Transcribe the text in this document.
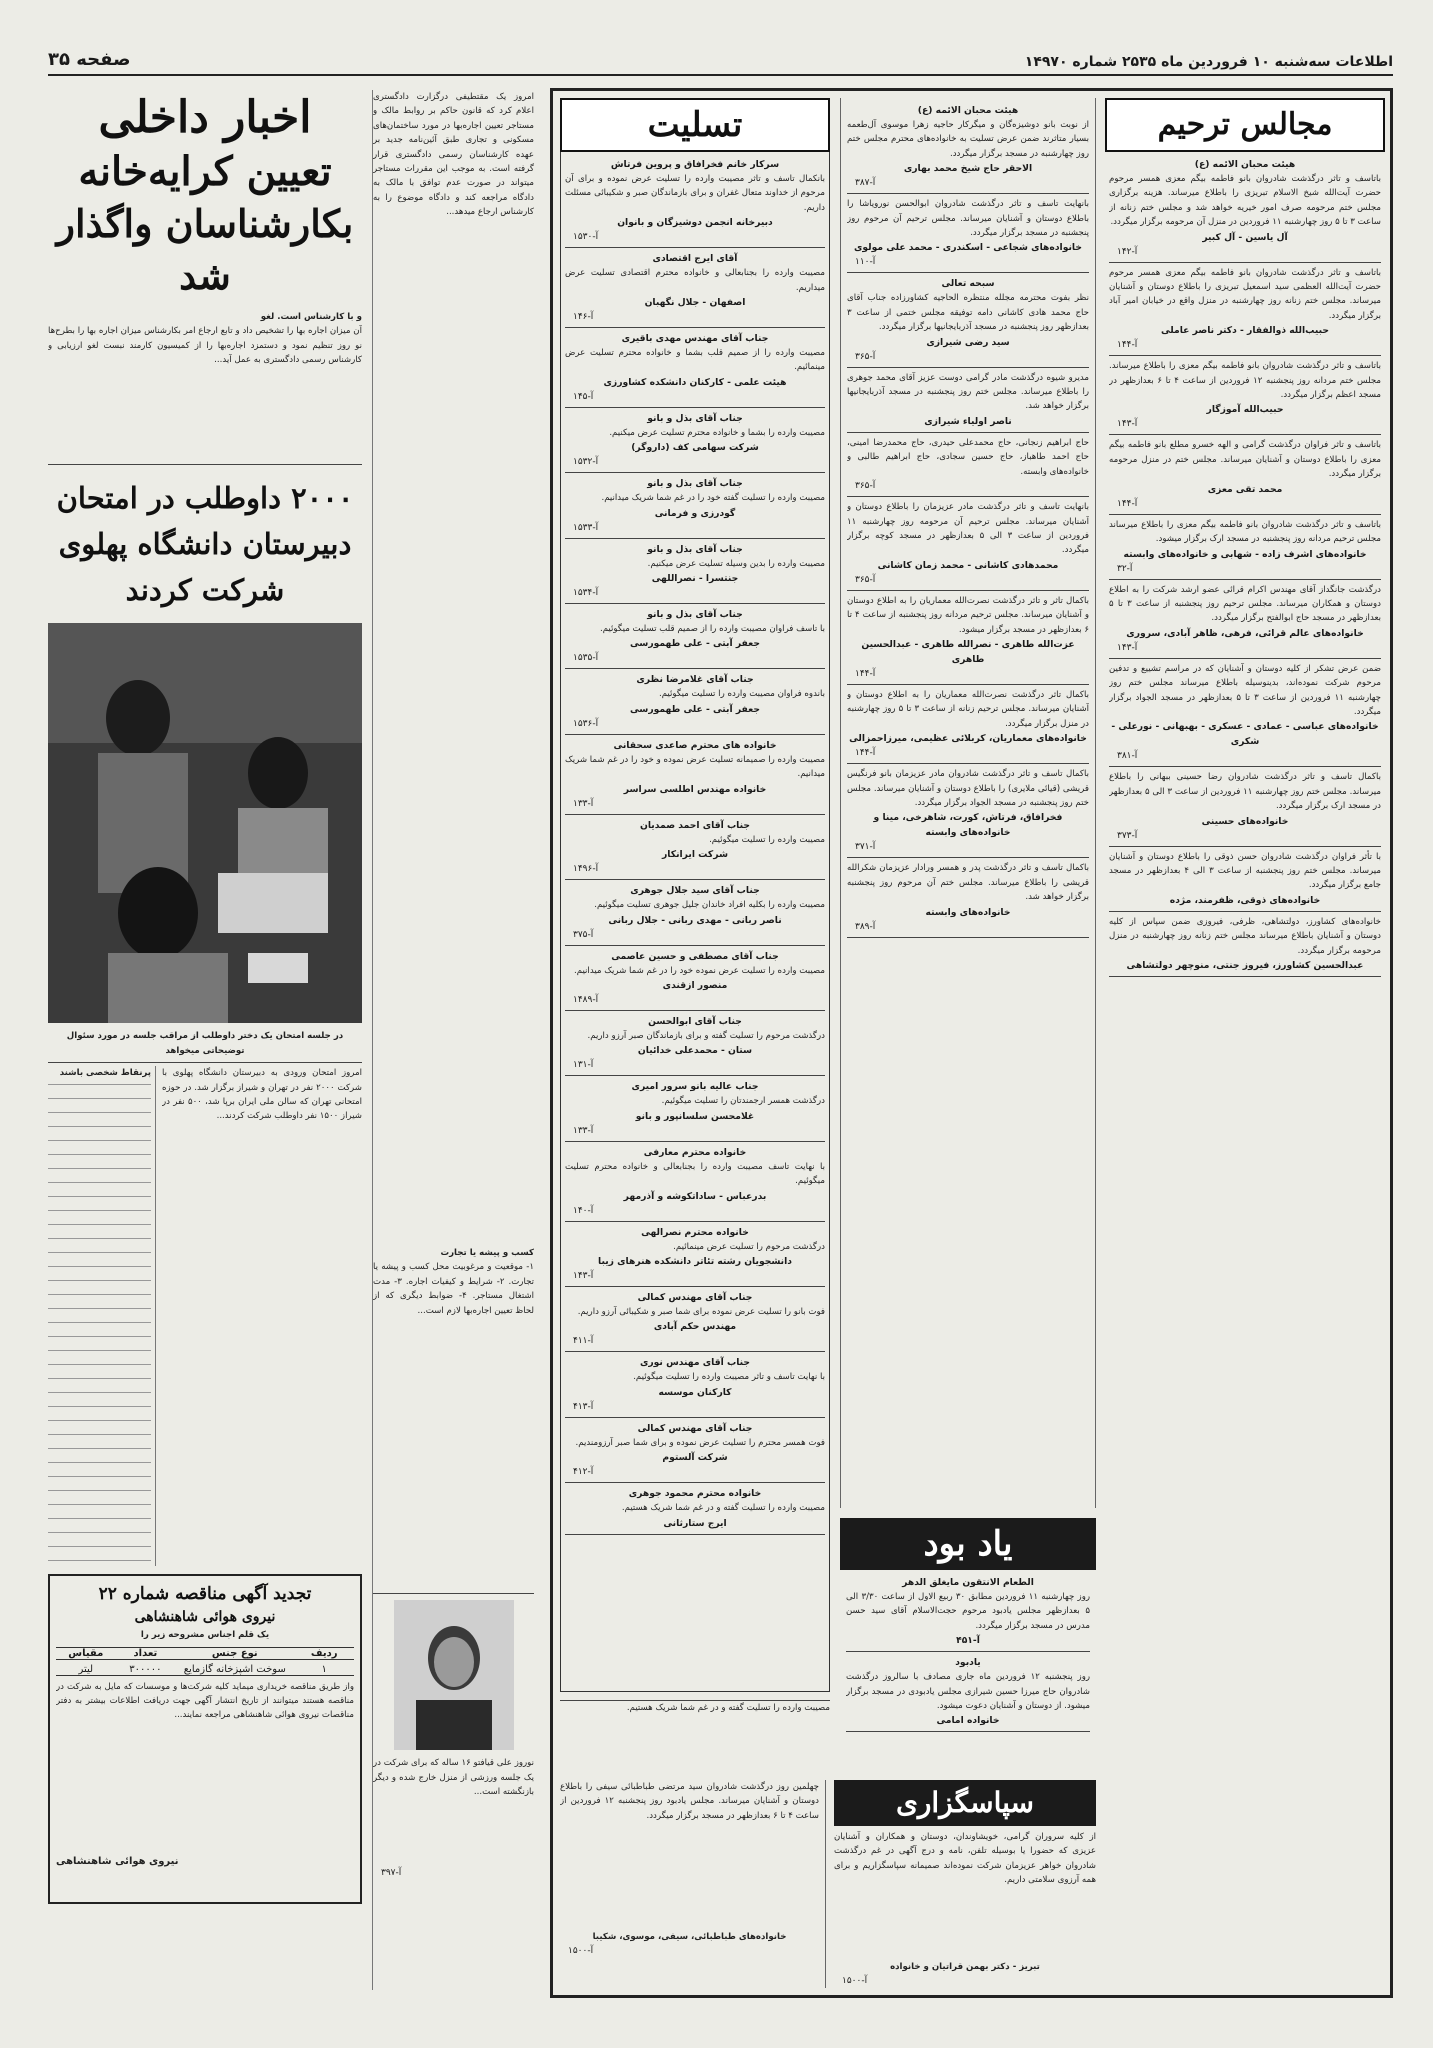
اطلاعات سه‌شنبه ۱۰ فروردین ماه ۲۵۳۵ شماره ۱۴۹۷۰
صفحه ۳۵
اخبار داخلی
تعیین کرایه‌خانه
بکارشناسان واگذار شد
و با کارشناس است. لغو
آن میزان اجاره بها را تشخیص داد و تابع ارجاع امر بکارشناس میزان اجاره بها را بطرح‌ها نو روز تنظیم نمود و دستمزد اجاره‌بها را از کمیسیون کارمند نبست لغو ارزیابی و کارشناس رسمی دادگستری به عمل آید...
۲۰۰۰ داوطلب در امتحان
دبیرستان دانشگاه پهلوی
شرکت کردند
در جلسه امتحان یک دختر داوطلب از مراقب جلسه در مورد سئوال توضیحاتی میخواهد
امروز امتحان ورودی به دبیرستان دانشگاه پهلوی با شرکت ۲۰۰۰ نفر در تهران و شیراز برگزار شد. در حوزه امتحانی تهران که سالن ملی ایران برپا شد، ۵۰۰ نفر در شیراز ۱۵۰۰ نفر داوطلب شرکت کردند...
پرنقاط شخصی باشند
تجدید آگهی مناقصه شماره ۲۲
نیروی هوائی شاهنشاهی
یک قلم اجناس مشروحه زیر را
ردیف
نوع جنس
تعداد
مقیاس
۱
سوخت اشپزخانه گازمایع
۳۰۰۰۰۰
لیتر
واز طریق مناقصه خریداری میماید کلیه شرکت‌ها و موسسات که مایل به شرکت در مناقصه هستند میتوانند از تاریخ انتشار آگهی جهت دریافت اطلاعات بیشتر به دفتر مناقصات نیروی هوائی شاهنشاهی مراجعه نمایند...
نیروی هوائی شاهنشاهی
امروز یک مقتطیفی درگزارت دادگستری اعلام کرد که قانون حاکم بر روابط مالک و مستاجر تعیین اجاره‌بها در مورد ساختمان‌های مسکونی و تجاری طبق آئین‌نامه جدید بر عهده کارشناسان رسمی دادگستری قرار گرفته است. به موجب این مقررات مستاجر میتواند در صورت عدم توافق با مالک به دادگاه مراجعه کند و دادگاه موضوع را به کارشناس ارجاع میدهد...
کسب و پیشه یا تجارت
۱- موقعیت و مرغوبیت محل کسب و پیشه یا تجارت. ۲- شرایط و کیفیات اجاره. ۳- مدت اشتغال مستاجر. ۴- ضوابط دیگری که از لحاظ تعیین اجاره‌بها لازم است...
نوروز علی قیافتو ۱۶ ساله که برای شرکت در یک جلسه ورزشی از منزل خارج شده و دیگر بازنگشته است...
آ-۳۹۷
تسلیت
سرکار خانم فخرافاق و پروین فرتاش
بانکمال تاسف و تاثر مصیبت وارده را تسلیت عرض نموده و برای آن مرحوم از خداوند متعال غفران و برای بازماندگان صبر و شکیبائی مسئلت داریم.
دبیرخانه انجمن دوشیزگان و بانوان
آ-۱۵۳۰
آقای ایرج اقتصادی
مصیبت وارده را بجنابعالی و خانواده محترم اقتصادی تسلیت عرض میداریم.
اصفهان - جلال نگهبان
آ-۱۴۶
جناب آقای مهندس مهدی باقیری
مصیبت وارده را از صمیم قلب بشما و خانواده محترم تسلیت عرض مینمائیم.
هیئت علمی - کارکنان دانشکده کشاورزی
آ-۱۴۵
جناب آقای بذل و بانو
مصیبت وارده را بشما و خانواده محترم تسلیت عرض میکنیم.
شرکت سهامی کف (داروگر)
آ-۱۵۳۲
جناب آقای بذل و بانو
مصیبت وارده را تسلیت گفته خود را در غم شما شریک میدانیم.
گودرزی و فرمانی
آ-۱۵۳۳
جناب آقای بذل و بانو
مصیبت وارده را بدین وسیله تسلیت عرض میکنیم.
جنتسرا - نصراللهی
آ-۱۵۳۴
جناب آقای بذل و بانو
با تاسف فراوان مصیبت وارده را از صمیم قلب تسلیت میگوئیم.
جعفر آبتی - علی طهمورسی
آ-۱۵۳۵
جناب آقای غلامرضا نظری
باندوه فراوان مصیبت وارده را تسلیت میگوئیم.
جعفر آبتی - علی طهمورسی
آ-۱۵۳۶
خانواده های محترم صاعدی سحقانی
مصیبت وارده را صمیمانه تسلیت عرض نموده و خود را در غم شما شریک میدانیم.
خانواده مهندس اطلسی سراسر
آ-۱۳۳
جناب آقای احمد صمدیان
مصیبت وارده را تسلیت میگوئیم.
شرکت ایرانکار
آ-۱۴۹۶
جناب آقای سید جلال جوهری
مصیبت وارده را بکلیه افراد خاندان جلیل جوهری تسلیت میگوئیم.
ناصر ربانی - مهدی ربانی - جلال ربانی
آ-۳۷۵
جناب آقای مصطفی و حسین عاصمی
مصیبت وارده را تسلیت عرض نموده خود را در غم شما شریک میدانیم.
منصور ازقندی
آ-۱۴۸۹
جناب آقای ابوالحسن
درگذشت مرحوم را تسلیت گفته و برای بازماندگان صبر آرزو داریم.
ستان - محمدعلی خدائیان
آ-۱۳۱
جناب عالیه بانو سرور امیری
درگذشت همسر ارجمندتان را تسلیت میگوئیم.
غلامحسن سلسانپور و بانو
آ-۱۳۳
خانواده محترم معارفی
با نهایت تاسف مصیبت وارده را بجنابعالی و خانواده محترم تسلیت میگوئیم.
بدرعباس - ساداتکوشه و آذرمهر
آ-۱۴۰
خانواده محترم نصرالهی
درگذشت مرحوم را تسلیت عرض مینمائیم.
دانشجویان رشته تئاتر دانشکده هنرهای زیبا
آ-۱۴۳
جناب آقای مهندس کمالی
فوت بانو را تسلیت عرض نموده برای شما صبر و شکیبائی آرزو داریم.
مهندس حکم آبادی
آ-۴۱۱
جناب آقای مهندس نوری
با نهایت تاسف و تاثر مصیبت وارده را تسلیت میگوئیم.
کارکنان موسسه
آ-۴۱۳
جناب آقای مهندس کمالی
فوت همسر محترم را تسلیت عرض نموده و برای شما صبر آرزومندیم.
شرکت آلستوم
آ-۴۱۲
خانواده محترم محمود جوهری
مصیبت وارده را تسلیت گفته و در غم شما شریک هستیم.
ایرج ستارثانی
مجالس ترحیم
هیئت محبان الائمه (ع)
باتاسف و تاثر درگذشت شادروان بانو فاطمه بیگم معزی همسر مرحوم حضرت آیت‌الله شیخ الاسلام تبریزی را باطلاع میرساند. هزینه برگزاری مجلس ختم مرحومه صرف امور خیریه خواهد شد و مجلس ختم زنانه از ساعت ۳ تا ۵ روز چهارشنبه ۱۱ فروردین در منزل آن مرحومه برگزار میگردد.
آل یاسین - آل کبیر
آ-۱۴۲
باتاسف و تاثر درگذشت شادروان بانو فاطمه بیگم معزی همسر مرحوم حضرت آیت‌الله العظمی سید اسمعیل تبریزی را باطلاع دوستان و آشنایان میرساند. مجلس ختم زنانه روز چهارشنبه در منزل واقع در خیابان امیر آباد برگزار میگردد.
حبیب‌الله ذوالفقار - دکتر ناصر عاملی
آ-۱۴۴
باتاسف و تاثر درگذشت شادروان بانو فاطمه بیگم معزی را باطلاع میرساند. مجلس ختم مردانه روز پنجشنبه ۱۲ فروردین از ساعت ۴ تا ۶ بعدازظهر در مسجد اعظم برگزار میگردد.
حبیب‌الله آموزگار
آ-۱۴۳
باتاسف و تاثر فراوان درگذشت گرامی و الهه خسرو مطلع بانو فاطمه بیگم معزی را باطلاع دوستان و آشنایان میرساند. مجلس ختم در منزل مرحومه برگزار میگردد.
محمد تقی معزی
آ-۱۴۴
باتاسف و تاثر درگذشت شادروان بانو فاطمه بیگم معزی را باطلاع میرساند مجلس ترحیم مردانه روز پنجشنبه در مسجد ارک برگزار میشود.
خانواده‌های اشرف زاده - شهابی و خانواده‌های وابسته
آ-۳۲
درگذشت جانگداز آقای مهندس اکرام قرائی عضو ارشد شرکت را به اطلاع دوستان و همکاران میرساند. مجلس ترحیم روز پنجشنبه از ساعت ۳ تا ۵ بعدازظهر در مسجد حاج ابوالفتح برگزار میگردد.
خانواده‌های عالم قرائی، فرهی، ظاهر آبادی، سروری
آ-۱۴۳
ضمن عرض تشکر از کلیه دوستان و آشنایان که در مراسم تشییع و تدفین مرحوم شرکت نموده‌اند، بدینوسیله باطلاع میرساند مجلس ختم روز چهارشنبه ۱۱ فروردین از ساعت ۳ تا ۵ بعدازظهر در مسجد الجواد برگزار میگردد.
خانواده‌های عباسی - عمادی - عسکری - بهبهانی - نورعلی - شکری
آ-۳۸۱
باکمال تاسف و تاثر درگذشت شادروان رضا حسینی ببهانی را باطلاع میرساند. مجلس ختم روز چهارشنبه ۱۱ فروردین از ساعت ۳ الی ۵ بعدازظهر در مسجد ارک برگزار میگردد.
خانواده‌های حسینی
آ-۳۷۳
با تأثر فراوان درگذشت شادروان حسن ذوقی را باطلاع دوستان و آشنایان میرساند. مجلس ختم روز پنجشنبه از ساعت ۳ الی ۴ بعدازظهر در مسجد جامع برگزار میگردد.
خانواده‌های ذوقی، ظفرمند، مژده
خانواده‌های کشاورز، دولتشاهی، ظرفی، فیروزی ضمن سپاس از کلیه دوستان و آشنایان باطلاع میرساند مجلس ختم زنانه روز چهارشنبه در منزل مرحومه برگزار میگردد.
عبدالحسین کشاورز، فیروز جنتی، منوچهر دولتشاهی
هیئت محبان الائمه (ع)
از نوبت بانو دوشیزه‌گان و میگرکار حاجیه زهرا موسوی آل‌طعمه بسیار متاثرند ضمن عرض تسلیت به خانواده‌های محترم مجلس ختم روز چهارشنبه در مسجد برگزار میگردد.
الاحقر حاج شیخ محمد بهاری
آ-۳۸۷
بانهایت تاسف و تاثر درگذشت شادروان ابوالحسن نورویاشا را باطلاع دوستان و آشنایان میرساند. مجلس ترحیم آن مرحوم روز پنجشنبه در مسجد برگزار میگردد.
خانواده‌های شجاعی - اسکندری - محمد علی مولوی
آ-۱۱۰
سبحه تعالی
نظر بفوت محترمه مجلله منتظره الحاجیه کشاورزاده جناب آقای حاج محمد هادی کاشانی دامه توفیقه مجلس ختمی از ساعت ۳ بعدازظهر روز پنجشنبه در مسجد آذربایجانیها برگزار میگردد.
سید رضی شیرازی
آ-۳۶۵
مدیرو شیوه درگذشت مادر گرامی دوست عزیز آقای محمد جوهری را باطلاع میرساند. مجلس ختم روز پنجشنبه در مسجد آذربایجانیها برگزار خواهد شد.
ناصر اولیاء شیرازی
حاج ابراهیم زنجانی، حاج محمدعلی حیدری، حاج محمدرضا امینی، حاج احمد طاهباز، حاج حسین سجادی، حاج ابراهیم طالبی و خانواده‌های وابسته.
آ-۳۶۵
بانهایت تاسف و تاثر درگذشت مادر عزیزمان را باطلاع دوستان و آشنایان میرساند. مجلس ترحیم آن مرحومه روز چهارشنبه ۱۱ فروردین از ساعت ۳ الی ۵ بعدازظهر در مسجد کوچه برگزار میگردد.
محمدهادی کاشانی - محمد زمان کاشانی
آ-۳۶۵
باکمال تاثر و تاثر درگذشت نصرت‌الله معماریان را به اطلاع دوستان و آشنایان میرساند. مجلس ترحیم مردانه روز پنجشنبه از ساعت ۴ تا ۶ بعدازظهر در مسجد برگزار میشود.
عزت‌الله طاهری - نصرالله طاهری - عبدالحسین طاهری
آ-۱۴۴
باکمال تاثر درگذشت نصرت‌الله معماریان را به اطلاع دوستان و آشنایان میرساند. مجلس ترحیم زنانه از ساعت ۳ تا ۵ روز چهارشنبه در منزل برگزار میگردد.
خانواده‌های معماریان، کربلائی عظیمی، میرزاحمزالی
آ-۱۴۴
باکمال تاسف و تاثر درگذشت شادروان مادر عزیزمان بانو فرنگیس قریشی (قیائی ملایری) را باطلاع دوستان و آشنایان میرساند. مجلس ختم روز پنجشنبه در مسجد الجواد برگزار میگردد.
فخرافاق، فرتاش، کورت، شاهرخی، مینا و خانواده‌های وابسته
آ-۳۷۱
باکمال تاسف و تاثر درگذشت پدر و همسر ورادار عزیزمان شکرالله قریشی را باطلاع میرساند. مجلس ختم آن مرحوم روز پنجشنبه برگزار خواهد شد.
خانواده‌های وابسته
آ-۳۸۹
یاد بود
الطعام الانتقون مایغلق الدهر
روز چهارشنبه ۱۱ فروردین مطابق ۳۰ ربیع الاول از ساعت ۳/۳۰ الی ۵ بعدازظهر مجلس یادبود مرحوم حجت‌الاسلام آقای سید حسن مدرس در مسجد برگزار میگردد.
آ-۴۵۱
یادبود
روز پنجشنبه ۱۲ فروردین ماه جاری مصادف با سالروز درگذشت شادروان حاج میرزا حسین شیرازی مجلس یادبودی در مسجد برگزار میشود. از دوستان و آشنایان دعوت میشود.
خانواده امامی
سپاسگزاری
از کلیه سروران گرامی، خویشاوندان، دوستان و همکاران و آشنایان عزیزی که حضورا یا بوسیله تلفن، نامه و درج آگهی در غم درگذشت شادروان خواهر عزیزمان شرکت نموده‌اند صمیمانه سپاسگزاریم و برای همه آرزوی سلامتی داریم.
تبریز - دکتر بهمن قراتیان و خانواده
آ-۱۵۰۰
چهلمین روز درگذشت شادروان سید مرتضی طباطبائی سیفی را باطلاع دوستان و آشنایان میرساند. مجلس یادبود روز پنجشنبه ۱۲ فروردین از ساعت ۴ تا ۶ بعدازظهر در مسجد برگزار میگردد.
خانواده‌های طباطبائی، سیفی، موسوی، شکیبا
آ-۱۵۰۰
مصیبت وارده را تسلیت گفته و در غم شما شریک هستیم.
